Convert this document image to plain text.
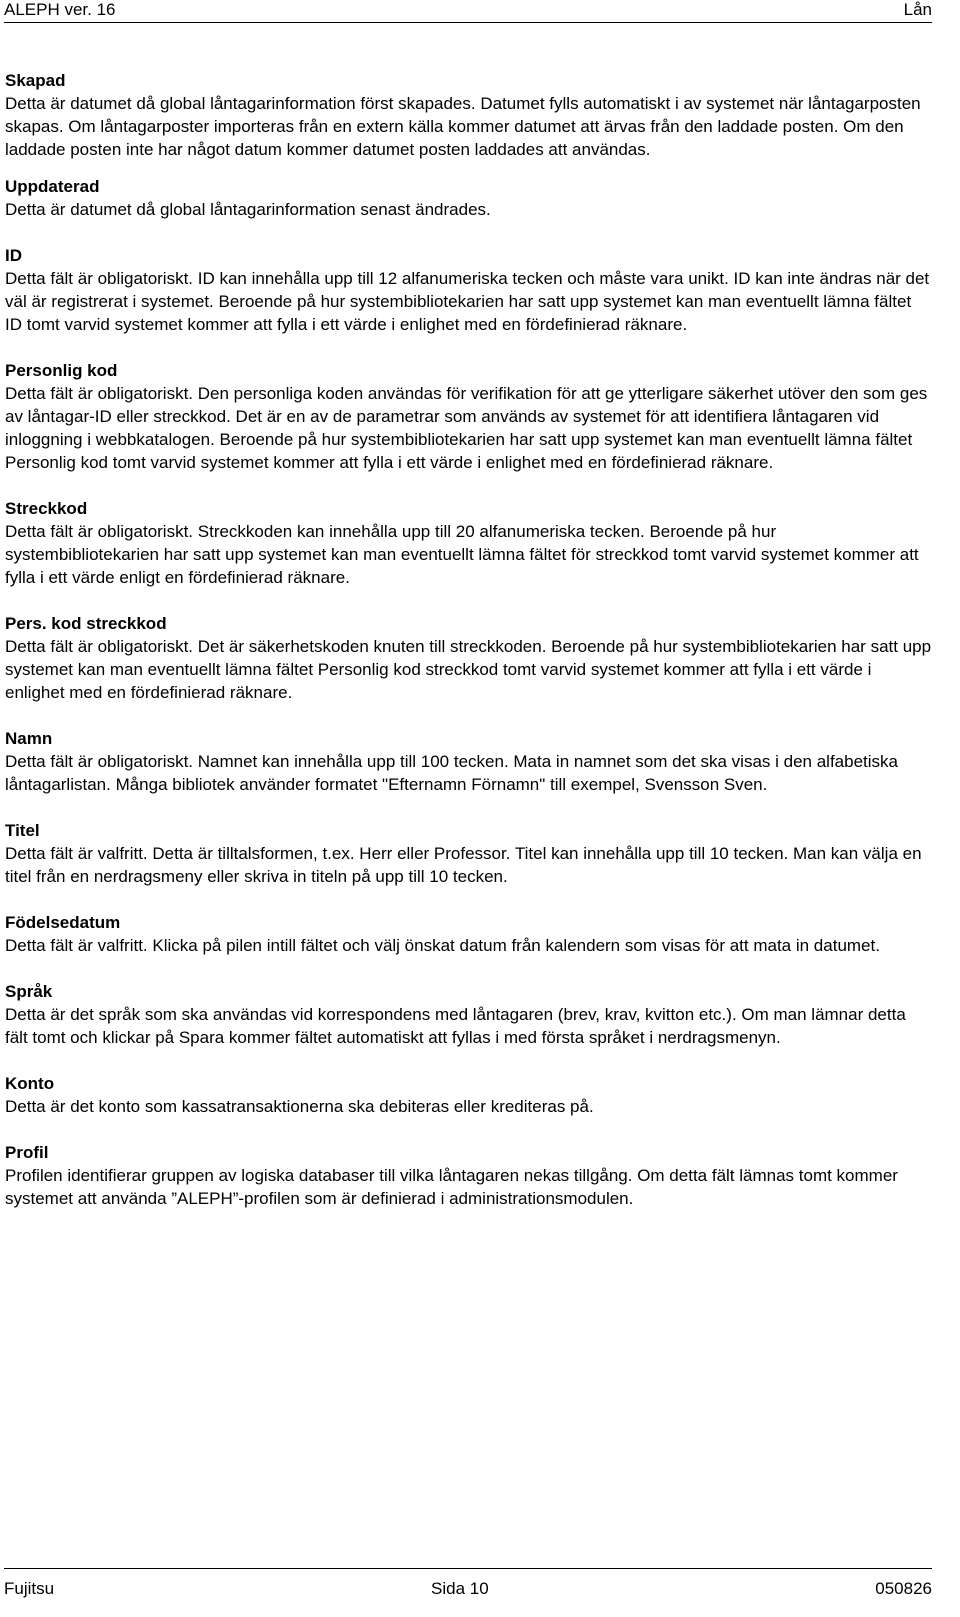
ALEPH ver. 16	Lån
Skapad

Detta är datumet då global låntagarinformation först skapades. Datumet fylls automatiskt i av systemet när låntagarposten skapas. Om låntagarposter importeras från en extern källa kommer datumet att ärvas från den laddade posten. Om den laddade posten inte har något datum kommer datumet posten laddades att användas.

Uppdaterad

Detta är datumet då global låntagarinformation senast ändrades.

ID

Detta fält är obligatoriskt. ID kan innehålla upp till 12 alfanumeriska tecken och måste vara unikt. ID kan inte ändras när det väl är registrerat i systemet. Beroende på hur systembibliotekarien har satt upp systemet kan man eventuellt lämna fältet ID tomt varvid systemet kommer att fylla i ett värde i enlighet med en fördefinierad räknare.

Personlig kod

Detta fält är obligatoriskt. Den personliga koden användas för verifikation för att ge ytterligare säkerhet utöver den som ges av låntagar-ID eller streckkod. Det är en av de parametrar som används av systemet för att identifiera låntagaren vid inloggning i webbkatalogen. Beroende på hur systembibliotekarien har satt upp systemet kan man eventuellt lämna fältet Personlig kod tomt varvid systemet kommer att fylla i ett värde i enlighet med en fördefinierad räknare.

Streckkod

Detta fält är obligatoriskt. Streckkoden kan innehålla upp till 20 alfanumeriska tecken. Beroende på hur systembibliotekarien har satt upp systemet kan man eventuellt lämna fältet för streckkod tomt varvid systemet kommer att fylla i ett värde enligt en fördefinierad räknare.

Pers. kod streckkod

Detta fält är obligatoriskt. Det är säkerhetskoden knuten till streckkoden. Beroende på hur systembibliotekarien har satt upp systemet kan man eventuellt lämna fältet Personlig kod streckkod tomt varvid systemet kommer att fylla i ett värde i enlighet med en fördefinierad räknare.

Namn

Detta fält är obligatoriskt. Namnet kan innehålla upp till 100 tecken. Mata in namnet som det ska visas i den alfabetiska låntagarlistan. Många bibliotek använder formatet "Efternamn Förnamn" till exempel, Svensson Sven.

Titel

Detta fält är valfritt. Detta är tilltalsformen, t.ex. Herr eller Professor. Titel kan innehålla upp till 10 tecken. Man kan välja en titel från en nerdragsmeny eller skriva in titeln på upp till 10 tecken.

Födelsedatum

Detta fält är valfritt. Klicka på pilen intill fältet och välj önskat datum från kalendern som visas för att mata in datumet.

Språk

Detta är det språk som ska användas vid korrespondens med låntagaren (brev, krav, kvitton etc.). Om man lämnar detta fält tomt och klickar på Spara kommer fältet automatiskt att fyllas i med första språket i nerdragsmenyn.

Konto

Detta är det konto som kassatransaktionerna ska debiteras eller krediteras på.

Profil

Profilen identifierar gruppen av logiska databaser till vilka låntagaren nekas tillgång. Om detta fält lämnas tomt kommer systemet att använda ”ALEPH”-profilen som är definierad i administrationsmodulen.

Fujitsu	Sida 10	050826
